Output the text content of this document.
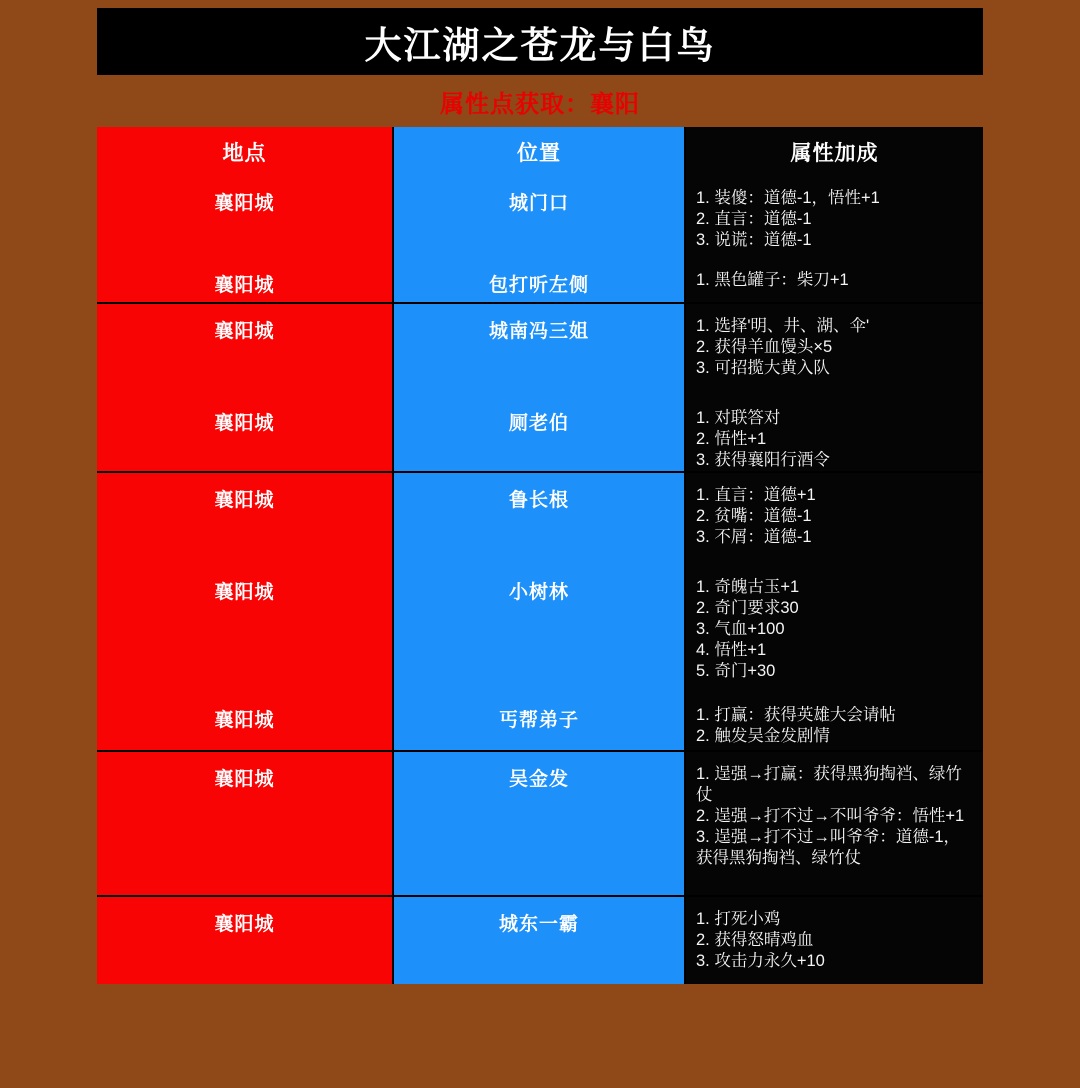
大江湖之苍龙与白鸟
属性点获取：襄阳
地点	位置	属性加成
襄阳城	城门口	1. 装傻：道德-1，悟性+1
2. 直言：道德-1
3. 说谎：道德-1
襄阳城	包打听左侧	1. 黑色罐子：柴刀+1
襄阳城	城南冯三姐	1. 选择'明、井、湖、伞'
2. 获得羊血馒头×5
3. 可招揽大黄入队
襄阳城	厕老伯	1. 对联答对
2. 悟性+1
3. 获得襄阳行酒令
襄阳城	鲁长根	1. 直言：道德+1
2. 贫嘴：道德-1
3. 不屑：道德-1
襄阳城	小树林	1. 奇魄古玉+1
2. 奇门要求30
3. 气血+100
4. 悟性+1
5. 奇门+30
襄阳城	丐帮弟子	1. 打赢：获得英雄大会请帖
2. 触发吴金发剧情
襄阳城	吴金发	1. 逞强→打赢：获得黑狗掏裆、绿竹仗
2. 逞强→打不过→不叫爷爷：悟性+1
3. 逞强→打不过→叫爷爷：道德-1，获得黑狗掏裆、绿竹仗
襄阳城	城东一霸	1. 打死小鸡
2. 获得怒晴鸡血
3. 攻击力永久+10
